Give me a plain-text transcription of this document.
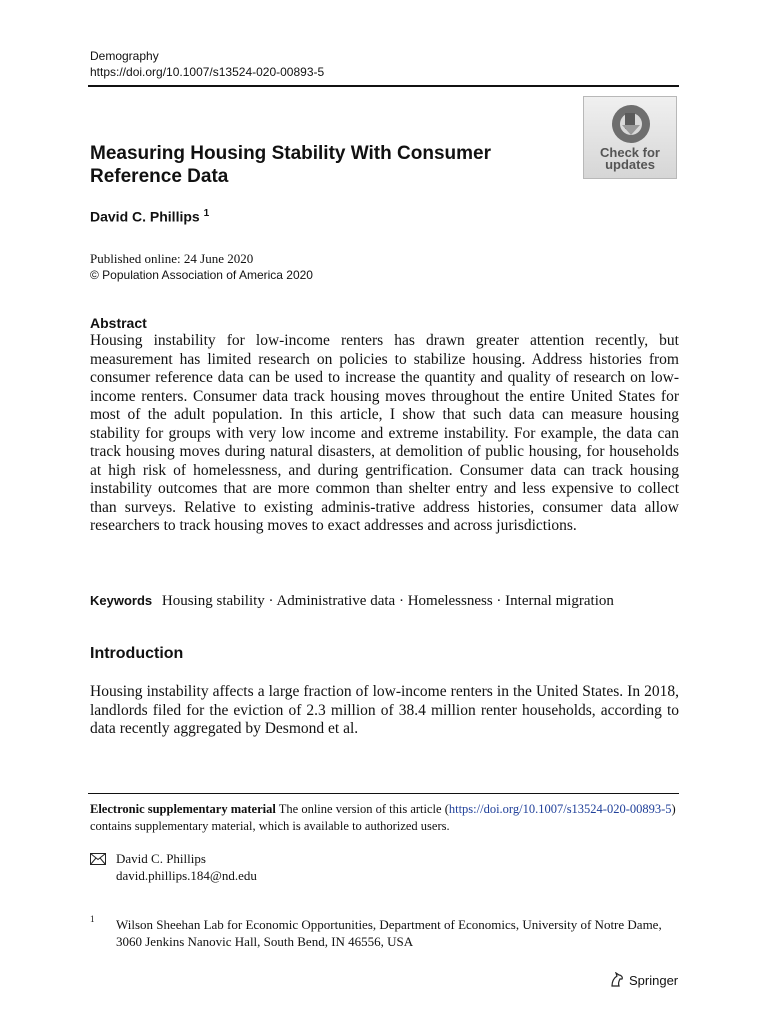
Demography
https://doi.org/10.1007/s13524-020-00893-5
Check for
updates
Measuring Housing Stability With Consumer Reference Data
David C. Phillips $^1$
Published online: 24 June 2020
© Population Association of America 2020
Abstract

Housing instability for low-income renters has drawn greater attention recently, but measurement has limited research on policies to stabilize housing. Address histories from consumer reference data can be used to increase the quantity and quality of research on low-income renters. Consumer data track housing moves throughout the entire United States for most of the adult population. In this article, I show that such data can measure housing stability for groups with very low income and extreme instability. For example, the data can track housing moves during natural disasters, at demolition of public housing, for households at high risk of homelessness, and during gentrification. Consumer data can track housing instability outcomes that are more common than shelter entry and less expensive to collect than surveys. Relative to existing adminis-trative address histories, consumer data allow researchers to track housing moves to exact addresses and across jurisdictions.

Keywords Housing stability · Administrative data · Homelessness · Internal migration
Introduction

Housing instability affects a large fraction of low-income renters in the United States. In 2018, landlords filed for the eviction of 2.3 million of 38.4 million renter households, according to data recently aggregated by Desmond et al.

Electronic supplementary material The online version of this article (https://doi.org/10.1007/s13524-020-00893-5) contains supplementary material, which is available to authorized users.

David C. Phillips
david.phillips.184@nd.edu
1 Wilson Sheehan Lab for Economic Opportunities, Department of Economics, University of Notre Dame, 3060 Jenkins Nanovic Hall, South Bend, IN 46556, USA

Springer
